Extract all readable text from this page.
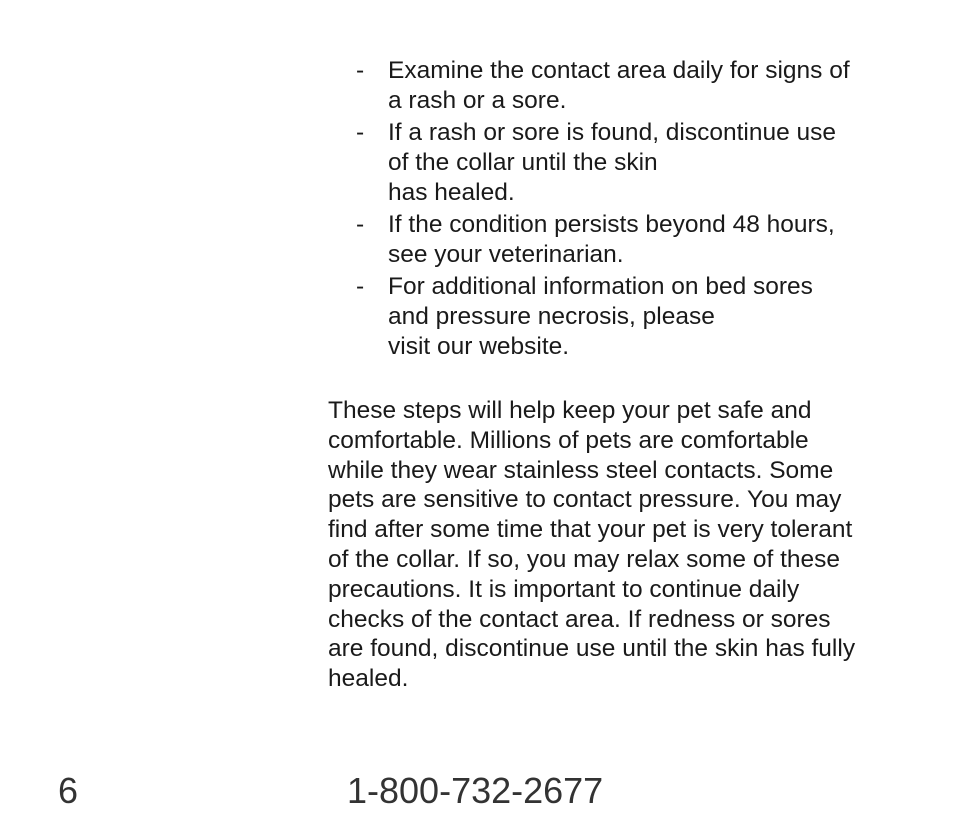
- Examine the contact area daily for signs of
a rash or a sore.
- If a rash or sore is found, discontinue use
of the collar until the skin
has healed.
- If the condition persists beyond 48 hours,
see your veterinarian.
- For additional information on bed sores
and pressure necrosis, please
visit our website.
These steps will help keep your pet safe and
comfortable. Millions of pets are comfortable
while they wear stainless steel contacts. Some
pets are sensitive to contact pressure. You may
find after some time that your pet is very tolerant
of the collar. If so, you may relax some of these
precautions. It is important to continue daily
checks of the contact area. If redness or sores
are found, discontinue use until the skin has fully
healed.
6	1-800-732-2677
